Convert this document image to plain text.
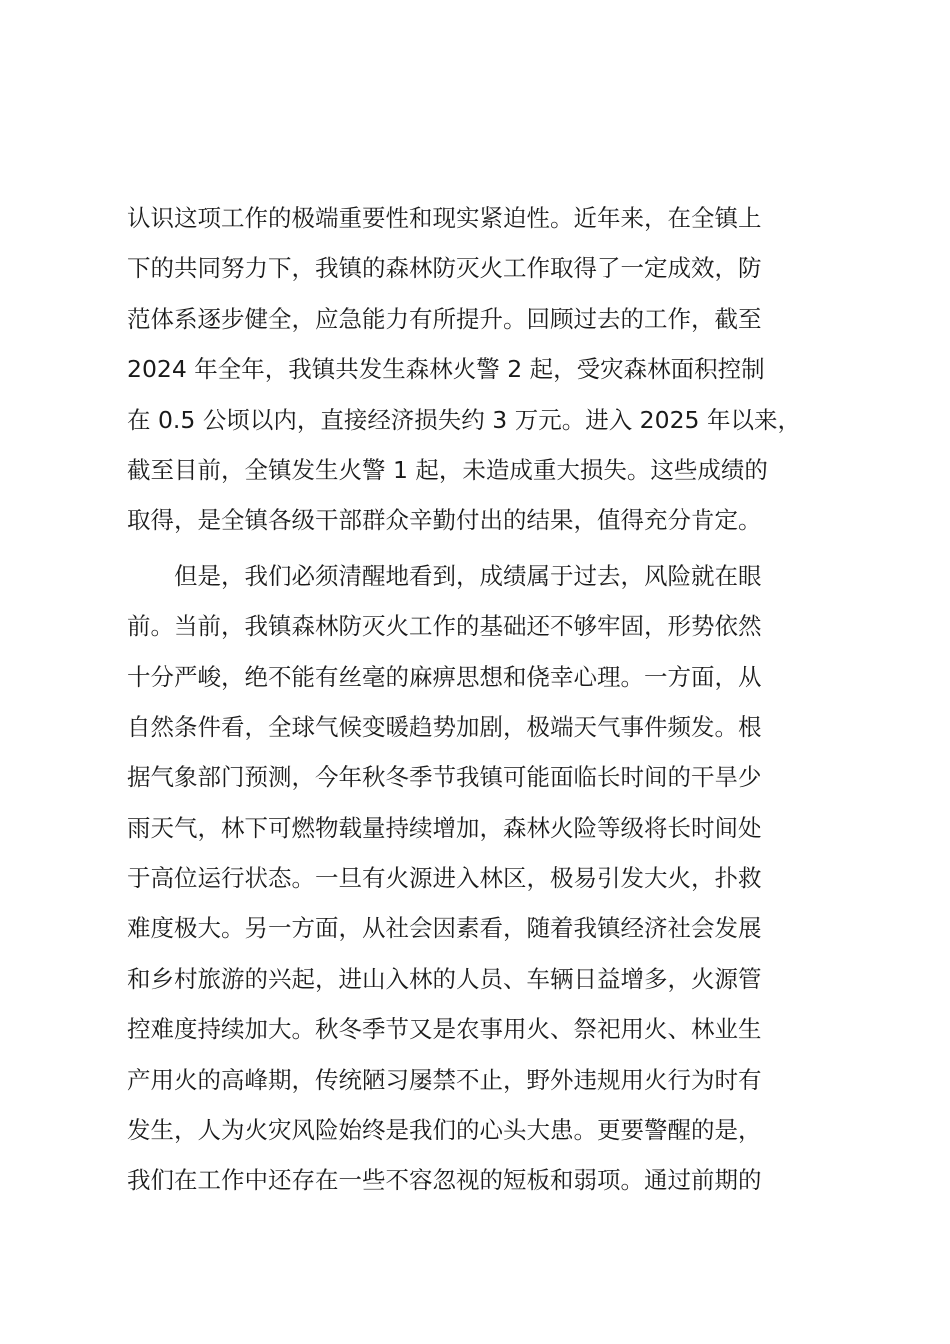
认识这项工作的极端重要性和现实紧迫性。近年来，在全镇上
下的共同努力下，我镇的森林防灭火工作取得了一定成效，防
范体系逐步健全，应急能力有所提升。回顾过去的工作，截至
2024 年全年，我镇共发生森林火警 2 起，受灾森林面积控制
在 0.5 公顷以内，直接经济损失约 3 万元。进入 2025 年以来，
截至目前，全镇发生火警 1 起，未造成重大损失。这些成绩的
取得，是全镇各级干部群众辛勤付出的结果，值得充分肯定。
　　但是，我们必须清醒地看到，成绩属于过去，风险就在眼
前。当前，我镇森林防灭火工作的基础还不够牢固，形势依然
十分严峻，绝不能有丝毫的麻痹思想和侥幸心理。一方面，从
自然条件看，全球气候变暖趋势加剧，极端天气事件频发。根
据气象部门预测，今年秋冬季节我镇可能面临长时间的干旱少
雨天气，林下可燃物载量持续增加，森林火险等级将长时间处
于高位运行状态。一旦有火源进入林区，极易引发大火，扑救
难度极大。另一方面，从社会因素看，随着我镇经济社会发展
和乡村旅游的兴起，进山入林的人员、车辆日益增多，火源管
控难度持续加大。秋冬季节又是农事用火、祭祀用火、林业生
产用火的高峰期，传统陋习屡禁不止，野外违规用火行为时有
发生，人为火灾风险始终是我们的心头大患。更要警醒的是，
我们在工作中还存在一些不容忽视的短板和弱项。通过前期的
